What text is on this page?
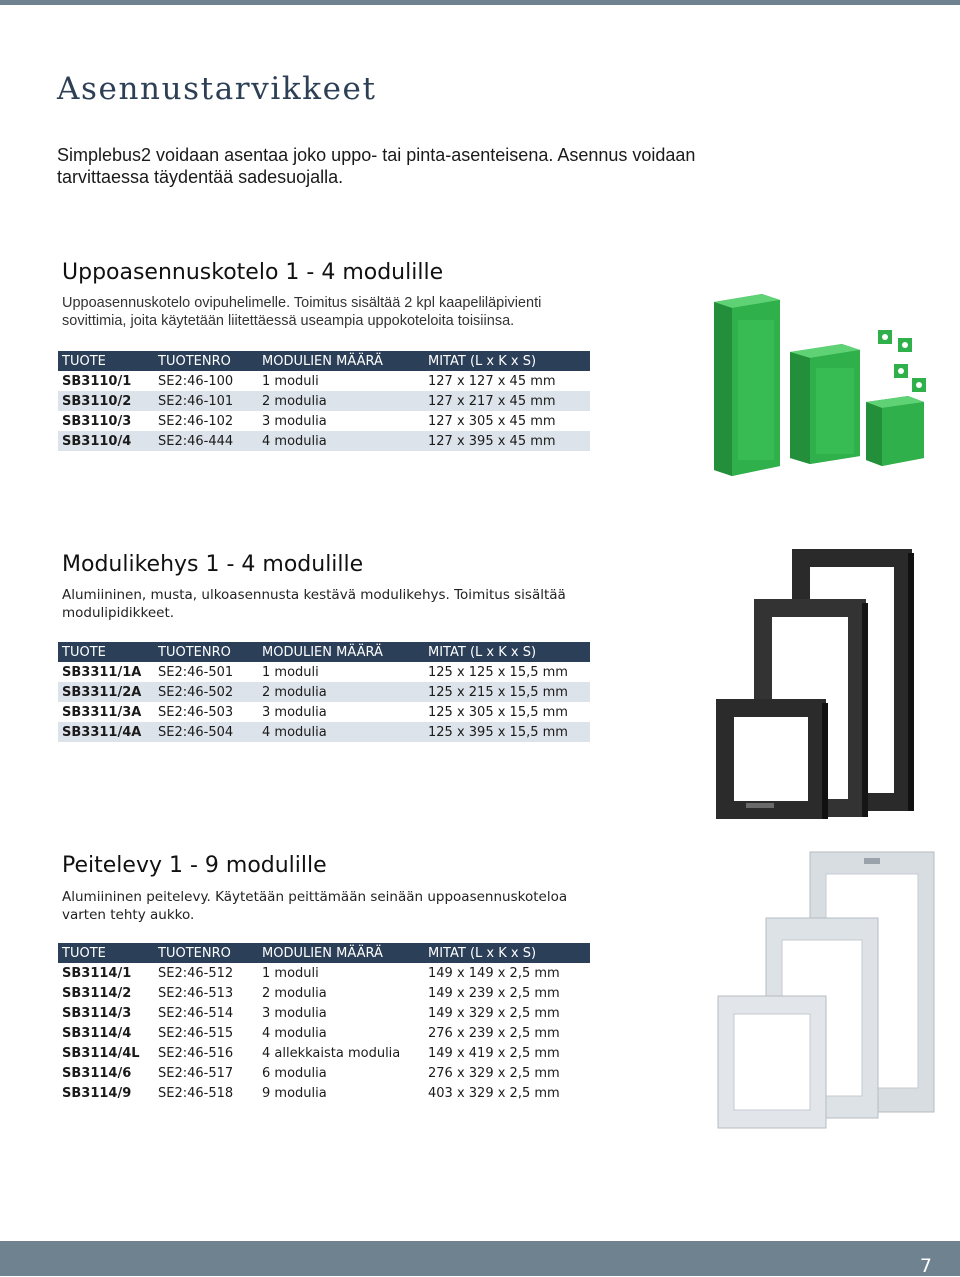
Asennustarvikkeet

Simplebus2 voidaan asentaa joko uppo- tai pinta-asenteisena. Asennus voidaan tarvittaessa täydentää sadesuojalla.

Uppoasennuskotelo 1 - 4 modulille

Uppoasennuskotelo ovipuhelimelle. Toimitus sisältää 2 kpl kaapeliläpivienti sovittimia, joita käytetään liitettäessä useampia uppokoteloita toisiinsa.

TUOTE	TUOTENRO	MODULIEN MÄÄRÄ	MITAT (L x K x S)
SB3110/1	SE2:46-100	1 moduli	127 x 127 x 45 mm
SB3110/2	SE2:46-101	2 modulia	127 x 217 x 45 mm
SB3110/3	SE2:46-102	3 modulia	127 x 305 x 45 mm
SB3110/4	SE2:46-444	4 modulia	127 x 395 x 45 mm
Modulikehys 1 - 4 modulille

Alumiininen, musta, ulkoasennusta kestävä modulikehys. Toimitus sisältää modulipidikkeet.

TUOTE	TUOTENRO	MODULIEN MÄÄRÄ	MITAT (L x K x S)
SB3311/1A	SE2:46-501	1 moduli	125 x 125 x 15,5 mm
SB3311/2A	SE2:46-502	2 modulia	125 x 215 x 15,5 mm
SB3311/3A	SE2:46-503	3 modulia	125 x 305 x 15,5 mm
SB3311/4A	SE2:46-504	4 modulia	125 x 395 x 15,5 mm
Peitelevy 1 - 9 modulille

Alumiininen peitelevy. Käytetään peittämään seinään uppoasennuskoteloa varten tehty aukko.

TUOTE	TUOTENRO	MODULIEN MÄÄRÄ	MITAT (L x K x S)
SB3114/1	SE2:46-512	1 moduli	149 x 149 x 2,5 mm
SB3114/2	SE2:46-513	2 modulia	149 x 239 x 2,5 mm
SB3114/3	SE2:46-514	3 modulia	149 x 329 x 2,5 mm
SB3114/4	SE2:46-515	4 modulia	276 x 239 x 2,5 mm
SB3114/4L	SE2:46-516	4 allekkaista modulia	149 x 419 x 2,5 mm
SB3114/6	SE2:46-517	6 modulia	276 x 329 x 2,5 mm
SB3114/9	SE2:46-518	9 modulia	403 x 329 x 2,5 mm
7
